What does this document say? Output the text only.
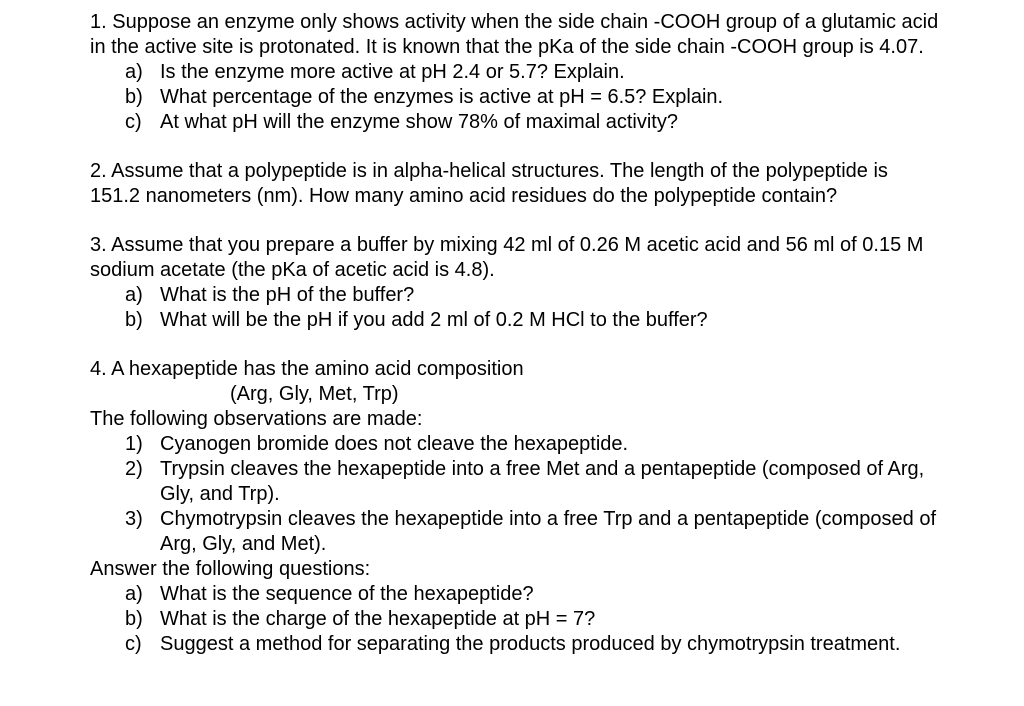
1. Suppose an enzyme only shows activity when the side chain -COOH group of a glutamic acid
in the active site is protonated. It is known that the pKa of the side chain -COOH group is 4.07.
a) Is the enzyme more active at pH 2.4 or 5.7? Explain.
b) What percentage of the enzymes is active at pH = 6.5? Explain.
c) At what pH will the enzyme show 78% of maximal activity?
2. Assume that a polypeptide is in alpha-helical structures. The length of the polypeptide is
151.2 nanometers (nm). How many amino acid residues do the polypeptide contain?
3. Assume that you prepare a buffer by mixing 42 ml of 0.26 M acetic acid and 56 ml of 0.15 M
sodium acetate (the pKa of acetic acid is 4.8).
a) What is the pH of the buffer?
b) What will be the pH if you add 2 ml of 0.2 M HCl to the buffer?
4. A hexapeptide has the amino acid composition
(Arg, Gly, Met, Trp)
The following observations are made:
1) Cyanogen bromide does not cleave the hexapeptide.
2) Trypsin cleaves the hexapeptide into a free Met and a pentapeptide (composed of Arg,
Gly, and Trp).
3) Chymotrypsin cleaves the hexapeptide into a free Trp and a pentapeptide (composed of
Arg, Gly, and Met).
Answer the following questions:
a) What is the sequence of the hexapeptide?
b) What is the charge of the hexapeptide at pH = 7?
c) Suggest a method for separating the products produced by chymotrypsin treatment.
